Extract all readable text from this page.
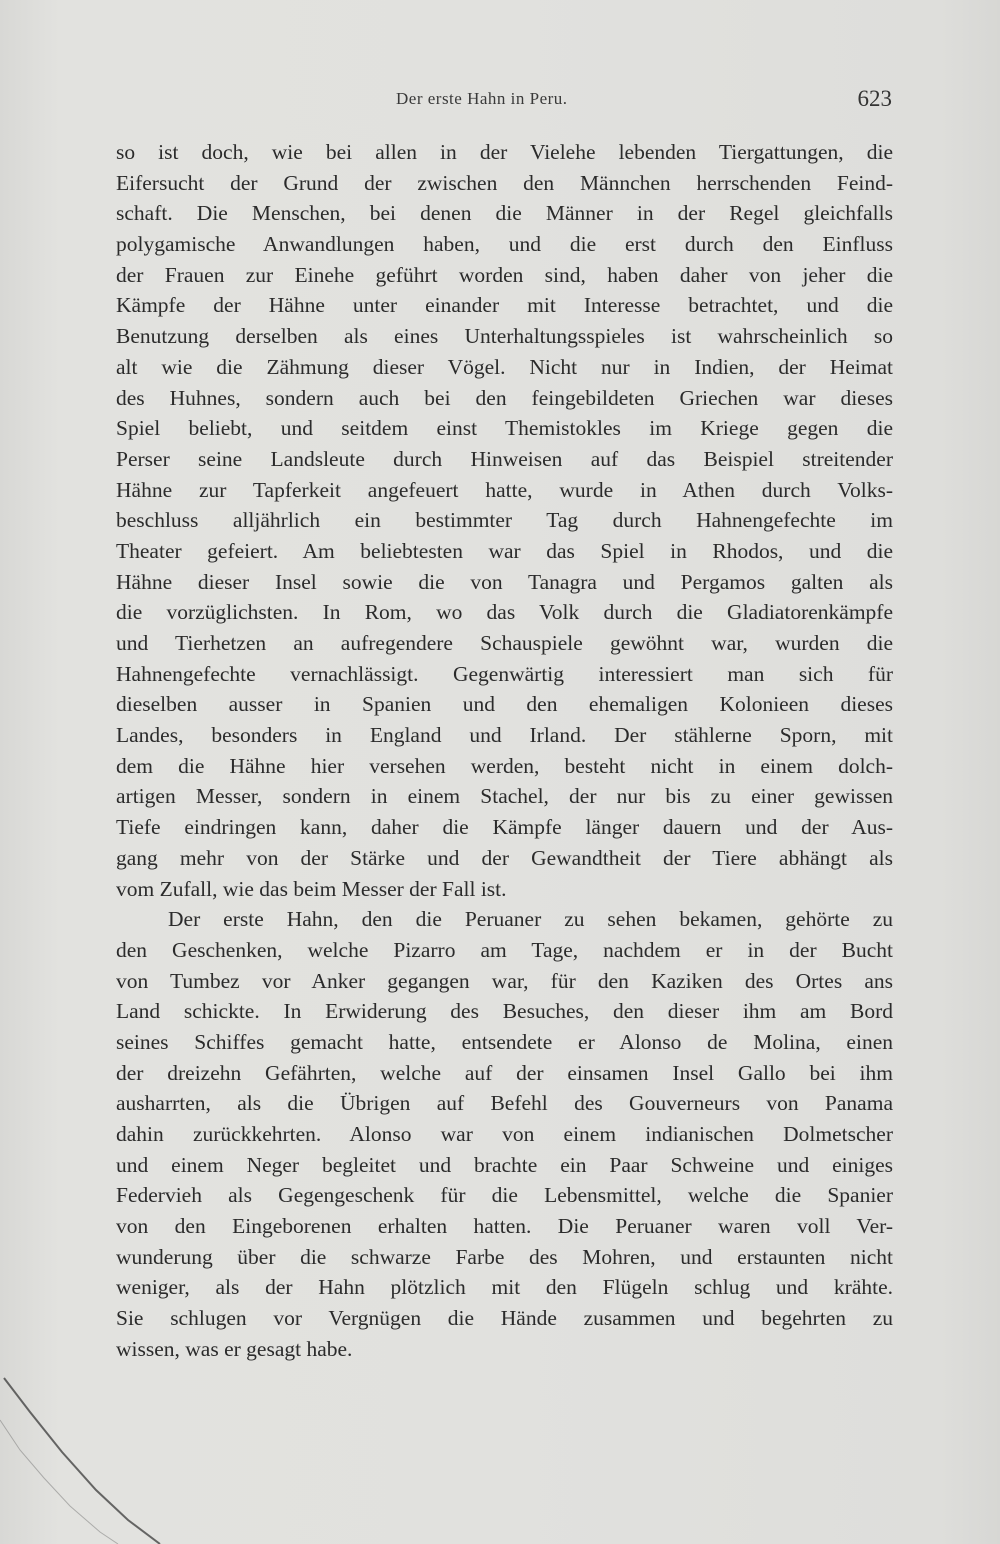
Der erste Hahn in Peru.	623
so ist doch, wie bei allen in der Vielehe lebenden Tiergattungen, die
Eifersucht der Grund der zwischen den Männchen herrschenden Feind-
schaft. Die Menschen, bei denen die Männer in der Regel gleichfalls
polygamische Anwandlungen haben, und die erst durch den Einfluss
der Frauen zur Einehe geführt worden sind, haben daher von jeher die
Kämpfe der Hähne unter einander mit Interesse betrachtet, und die
Benutzung derselben als eines Unterhaltungsspieles ist wahrscheinlich so
alt wie die Zähmung dieser Vögel. Nicht nur in Indien, der Heimat
des Huhnes, sondern auch bei den feingebildeten Griechen war dieses
Spiel beliebt, und seitdem einst Themistokles im Kriege gegen die
Perser seine Landsleute durch Hinweisen auf das Beispiel streitender
Hähne zur Tapferkeit angefeuert hatte, wurde in Athen durch Volks-
beschluss alljährlich ein bestimmter Tag durch Hahnengefechte im
Theater gefeiert. Am beliebtesten war das Spiel in Rhodos, und die
Hähne dieser Insel sowie die von Tanagra und Pergamos galten als
die vorzüglichsten. In Rom, wo das Volk durch die Gladiatorenkämpfe
und Tierhetzen an aufregendere Schauspiele gewöhnt war, wurden die
Hahnengefechte vernachlässigt. Gegenwärtig interessiert man sich für
dieselben ausser in Spanien und den ehemaligen Kolonieen dieses
Landes, besonders in England und Irland. Der stählerne Sporn, mit
dem die Hähne hier versehen werden, besteht nicht in einem dolch-
artigen Messer, sondern in einem Stachel, der nur bis zu einer gewissen
Tiefe eindringen kann, daher die Kämpfe länger dauern und der Aus-
gang mehr von der Stärke und der Gewandtheit der Tiere abhängt als
vom Zufall, wie das beim Messer der Fall ist.
Der erste Hahn, den die Peruaner zu sehen bekamen, gehörte zu
den Geschenken, welche Pizarro am Tage, nachdem er in der Bucht
von Tumbez vor Anker gegangen war, für den Kaziken des Ortes ans
Land schickte. In Erwiderung des Besuches, den dieser ihm am Bord
seines Schiffes gemacht hatte, entsendete er Alonso de Molina, einen
der dreizehn Gefährten, welche auf der einsamen Insel Gallo bei ihm
ausharrten, als die Übrigen auf Befehl des Gouverneurs von Panama
dahin zurückkehrten. Alonso war von einem indianischen Dolmetscher
und einem Neger begleitet und brachte ein Paar Schweine und einiges
Federvieh als Gegengeschenk für die Lebensmittel, welche die Spanier
von den Eingeborenen erhalten hatten. Die Peruaner waren voll Ver-
wunderung über die schwarze Farbe des Mohren, und erstaunten nicht
weniger, als der Hahn plötzlich mit den Flügeln schlug und krähte.
Sie schlugen vor Vergnügen die Hände zusammen und begehrten zu
wissen, was er gesagt habe.
